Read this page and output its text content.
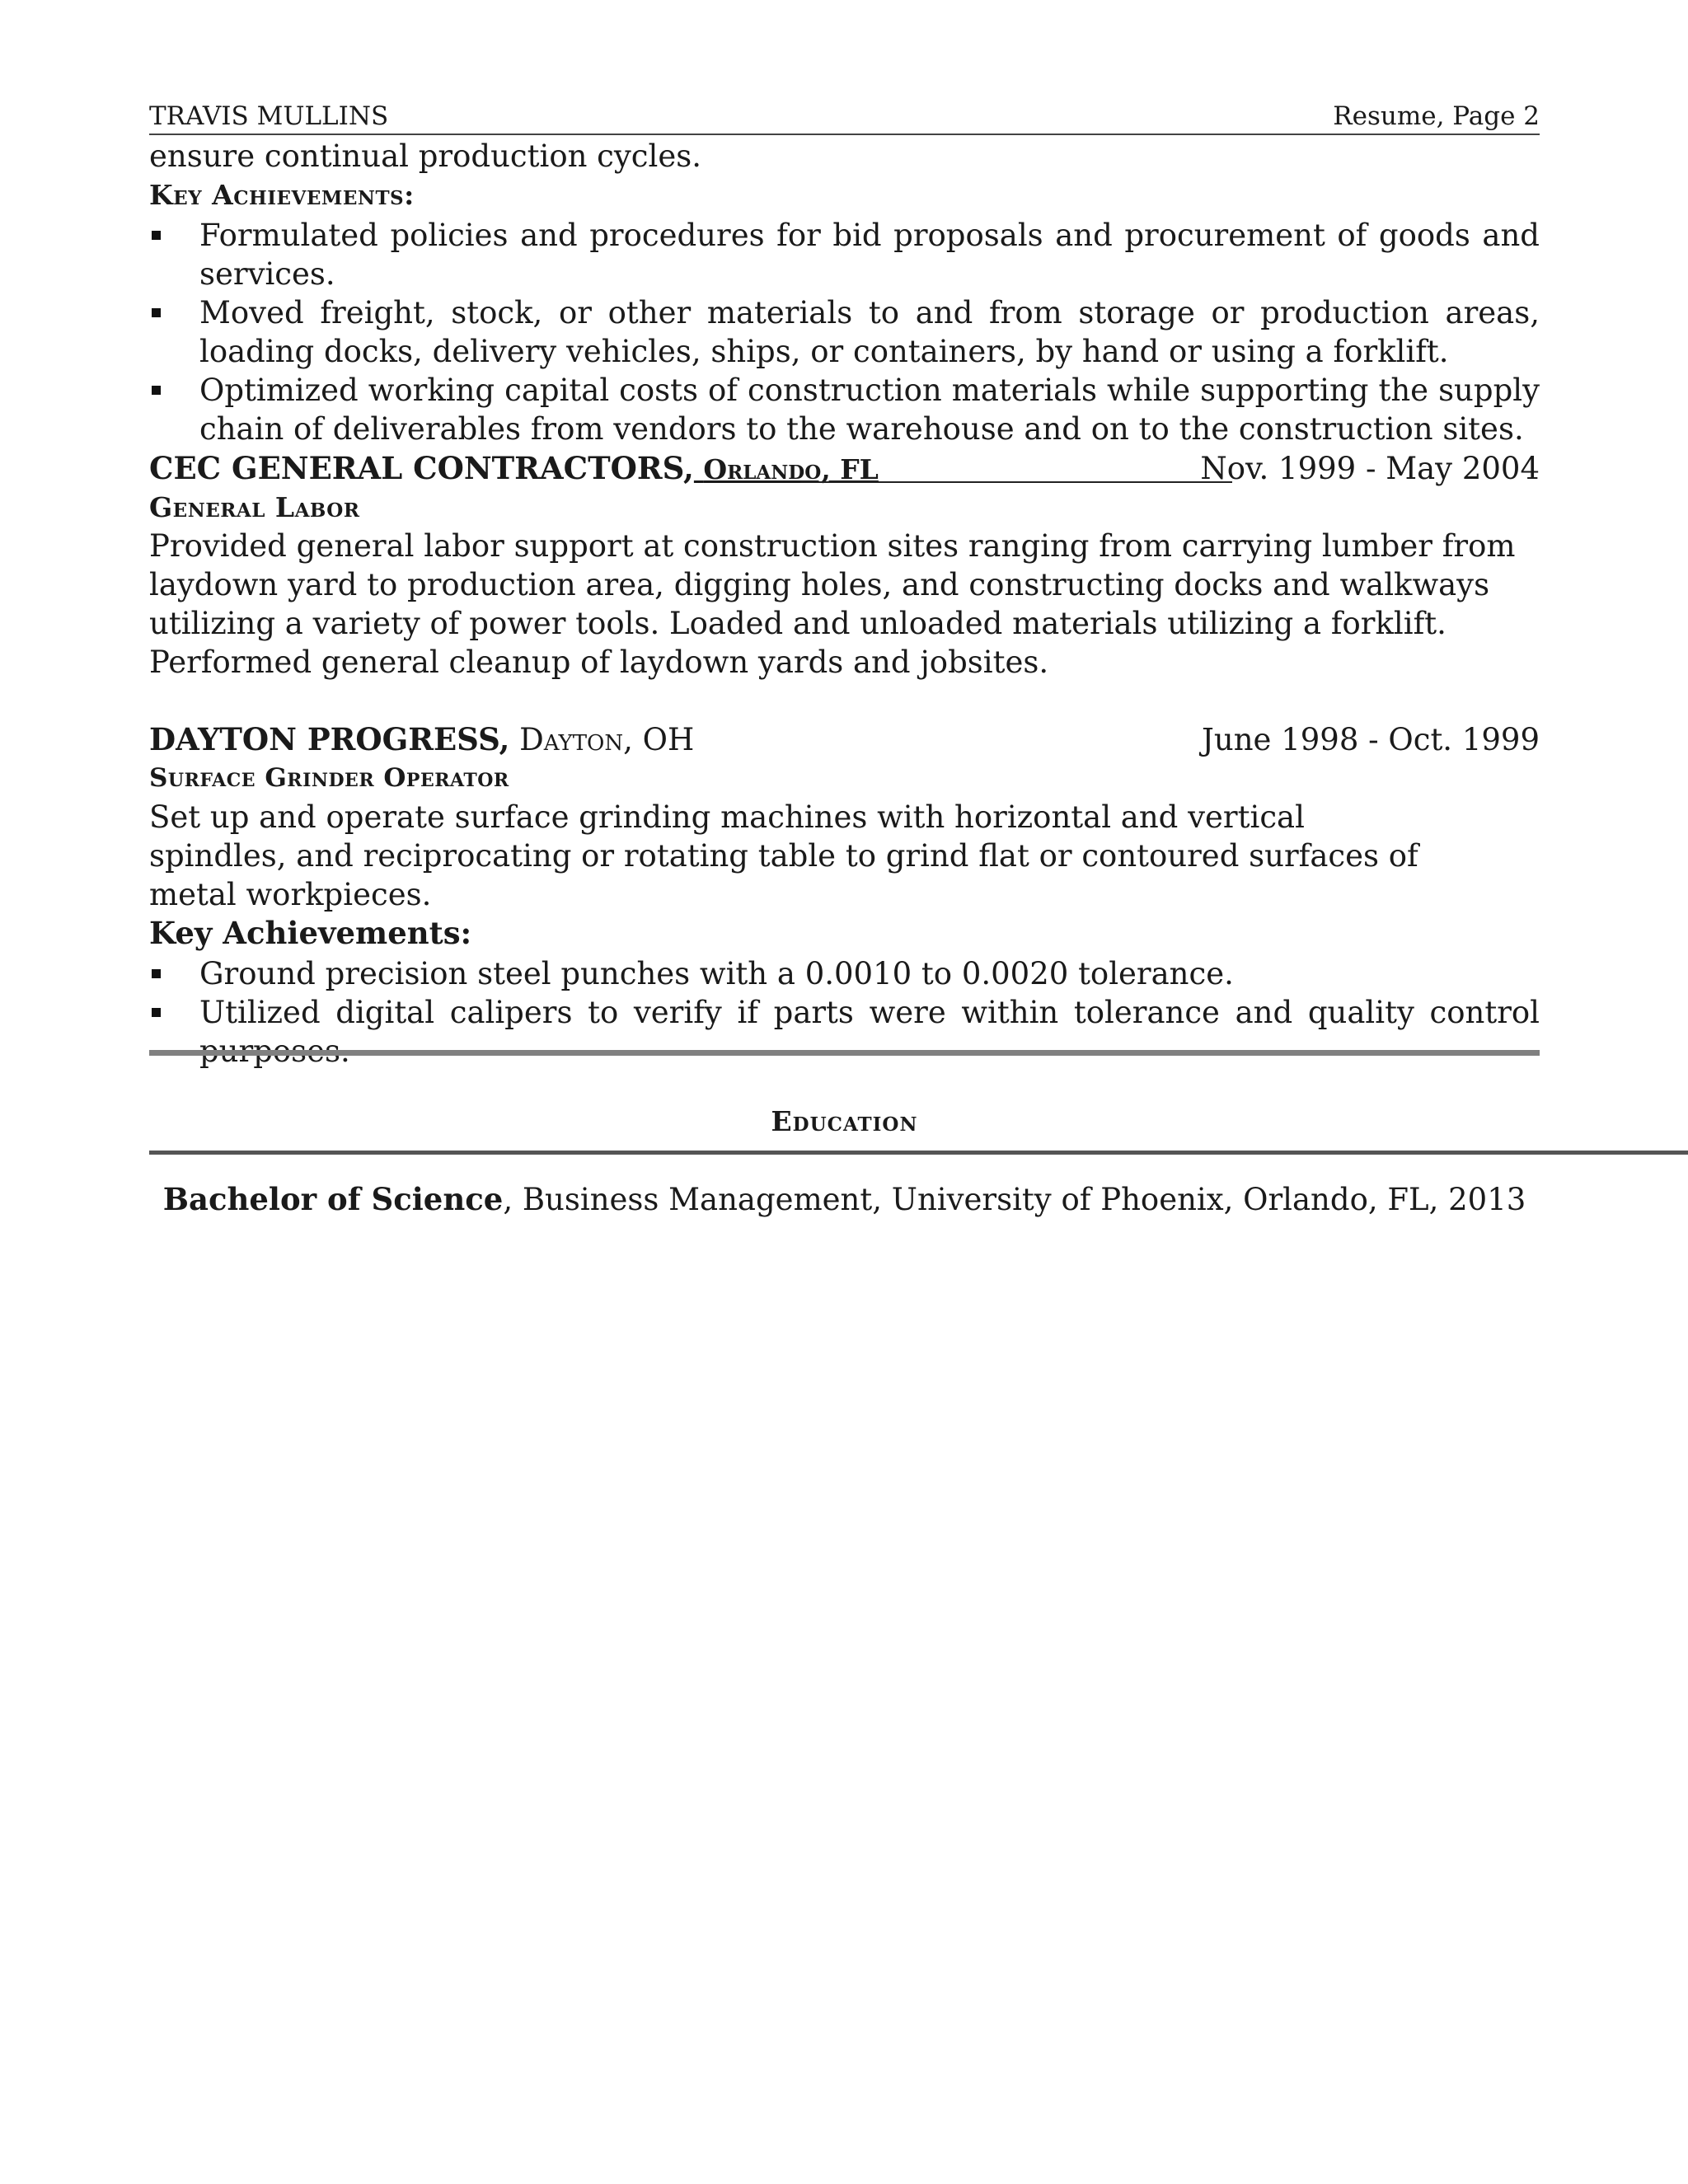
TRAVIS MULLINS	Resume, Page 2
ensure continual production cycles.
Key Achievements:
Formulated policies and procedures for bid proposals and procurement of goods and services.
Moved freight, stock, or other materials to and from storage or production areas, loading docks, delivery vehicles, ships, or containers, by hand or using a forklift.
Optimized working capital costs of construction materials while supporting the supply chain of deliverables from vendors to the warehouse and on to the construction sites.
CEC GENERAL CONTRACTORS, Orlando, FL	Nov. 1999 - May 2004
General Labor
Provided general labor support at construction sites ranging from carrying lumber from laydown yard to production area, digging holes, and constructing docks and walkways utilizing a variety of power tools. Loaded and unloaded materials utilizing a forklift. Performed general cleanup of laydown yards and jobsites.
DAYTON PROGRESS, Dayton, OH	June 1998 - Oct. 1999
Surface Grinder Operator
Set up and operate surface grinding machines with horizontal and vertical spindles, and reciprocating or rotating table to grind flat or contoured surfaces of metal workpieces.
Key Achievements:
Ground precision steel punches with a 0.0010 to 0.0020 tolerance.
Utilized digital calipers to verify if parts were within tolerance and quality control
Education
Bachelor of Science, Business Management, University of Phoenix, Orlando, FL, 2013
